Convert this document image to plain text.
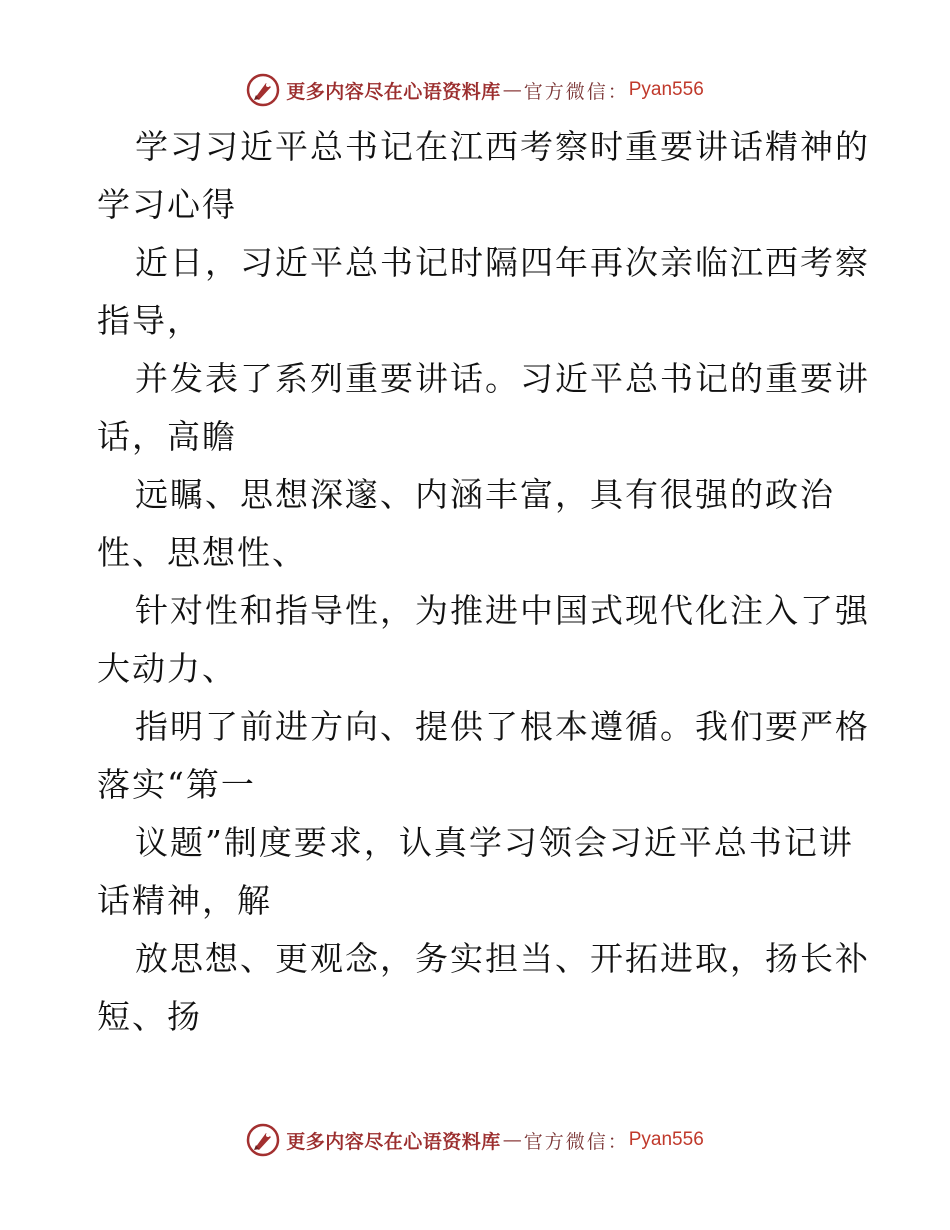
更多内容尽在心语资料库 — 官方微信： Pyan556
学习习近平总书记在江西考察时重要讲话精神的
学习心得
近日，习近平总书记时隔四年再次亲临江西考察
指导，
并发表了系列重要讲话。习近平总书记的重要讲
话，高瞻
远瞩、思想深邃、内涵丰富，具有很强的政治
性、思想性、
针对性和指导性，为推进中国式现代化注入了强
大动力、
指明了前进方向、提供了根本遵循。我们要严格
落实“第一
议题”制度要求，认真学习领会习近平总书记讲
话精神，解
放思想、更观念，务实担当、开拓进取，扬长补
短、扬
更多内容尽在心语资料库 — 官方微信： Pyan556
